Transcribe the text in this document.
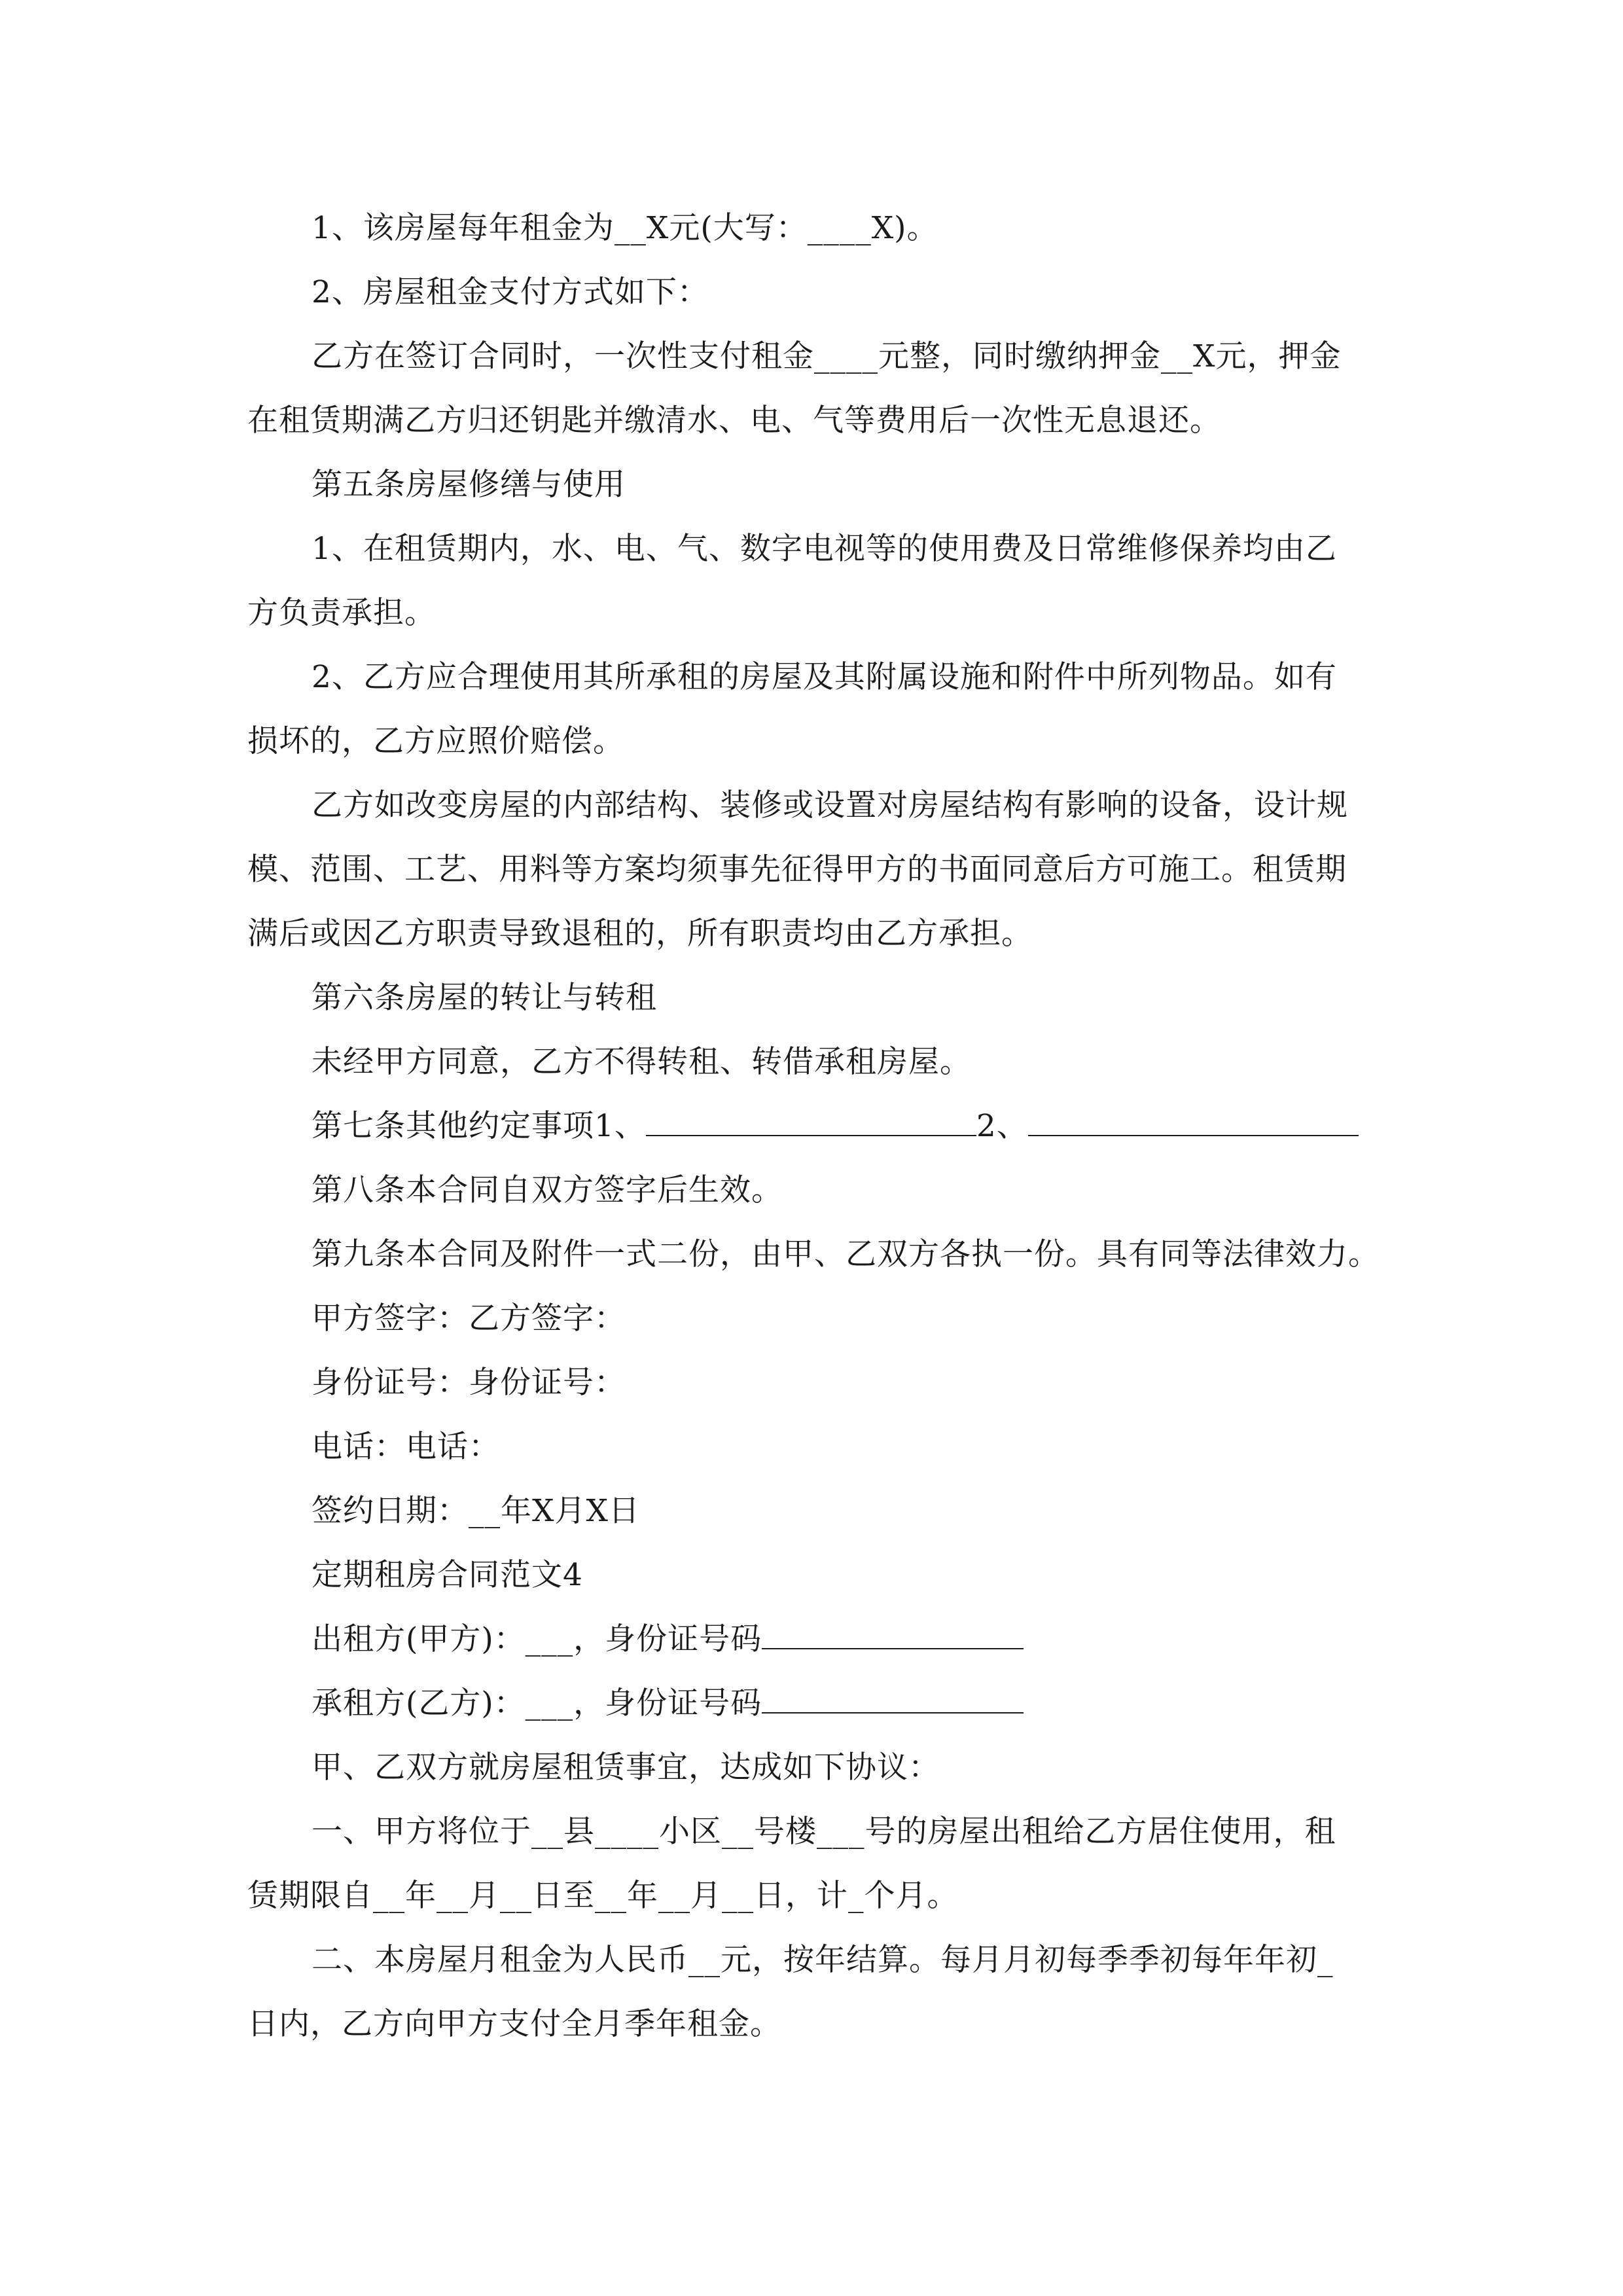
1、该房屋每年租金为__X元(大写：____X)。
2、房屋租金支付方式如下：
乙方在签订合同时，一次性支付租金____元整，同时缴纳押金__X元，押金
在租赁期满乙方归还钥匙并缴清水、电、气等费用后一次性无息退还。
第五条房屋修缮与使用
1、在租赁期内，水、电、气、数字电视等的使用费及日常维修保养均由乙
方负责承担。
2、乙方应合理使用其所承租的房屋及其附属设施和附件中所列物品。如有
损坏的，乙方应照价赔偿。
乙方如改变房屋的内部结构、装修或设置对房屋结构有影响的设备，设计规
模、范围、工艺、用料等方案均须事先征得甲方的书面同意后方可施工。租赁期
满后或因乙方职责导致退租的，所有职责均由乙方承担。
第六条房屋的转让与转租
未经甲方同意，乙方不得转租、转借承租房屋。
第七条其他约定事项1、	2、
第八条本合同自双方签字后生效。
第九条本合同及附件一式二份，由甲、乙双方各执一份。具有同等法律效力。
甲方签字：乙方签字：
身份证号：身份证号：
电话：电话：
签约日期：__年X月X日
定期租房合同范文4
出租方(甲方)：___，身份证号码
承租方(乙方)：___，身份证号码
甲、乙双方就房屋租赁事宜，达成如下协议：
一、甲方将位于__县____小区__号楼___号的房屋出租给乙方居住使用，租
赁期限自__年__月__日至__年__月__日，计_个月。
二、本房屋月租金为人民币__元，按年结算。每月月初每季季初每年年初_
日内，乙方向甲方支付全月季年租金。
